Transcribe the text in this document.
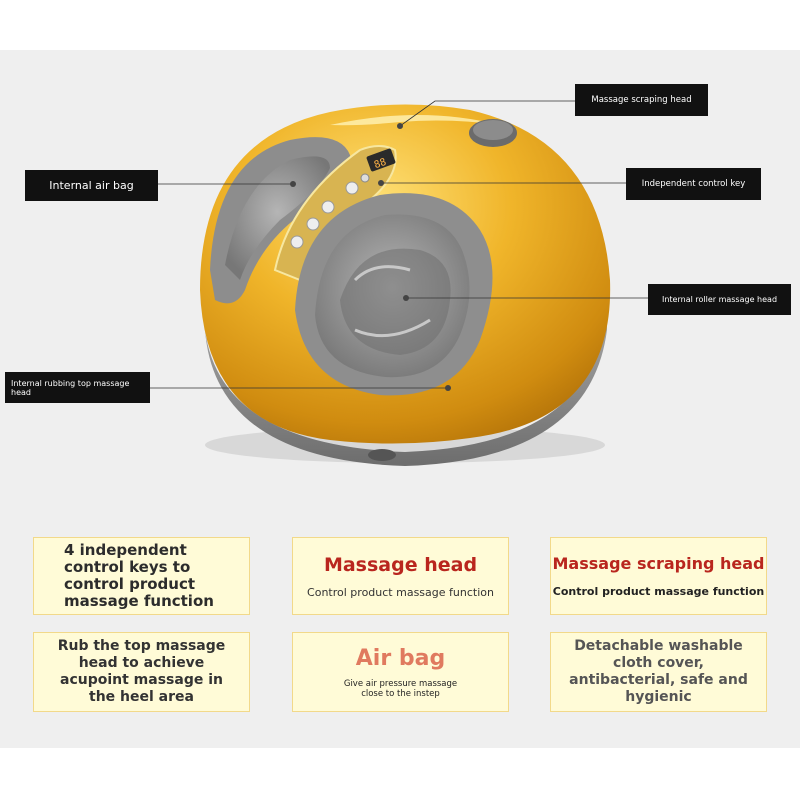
88
Massage scraping head
Internal air bag	Independent control key
Internal roller massage head
Internal rubbing top massage head
4 independent control keys to control product massage function
Massage head
Control product massage function
Massage scraping head
Control product massage function
Rub the top massage head to achieve acupoint massage in the heel area
Air bag
Give air pressure massage close to the instep
Detachable washable cloth cover, antibacterial, safe and hygienic
